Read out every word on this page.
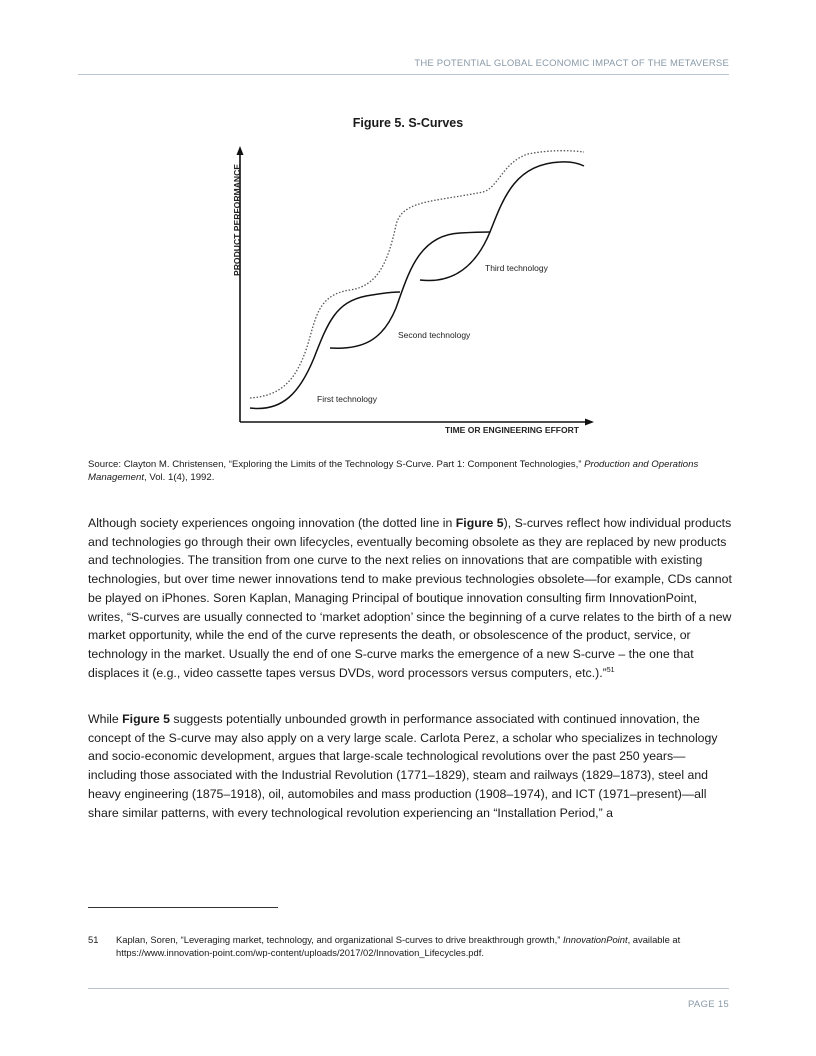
THE POTENTIAL GLOBAL ECONOMIC IMPACT OF THE METAVERSE
Figure 5. S-Curves
First technology
Second technology
Third technology
TIME OR ENGINEERING EFFORT
PRODUCT PERFORMANCE
Source: Clayton M. Christensen, “Exploring the Limits of the Technology S-Curve. Part 1: Component Technologies,” Production and Operations Management, Vol. 1(4), 1992.
Although society experiences ongoing innovation (the dotted line in Figure 5), S-curves reflect how individual products and technologies go through their own lifecycles, eventually becoming obsolete as they are replaced by new products and technologies. The transition from one curve to the next relies on innovations that are compatible with existing technologies, but over time newer innovations tend to make previous technologies obsolete—for example, CDs cannot be played on iPhones. Soren Kaplan, Managing Principal of boutique innovation consulting firm InnovationPoint, writes, “S-curves are usually connected to ‘market adoption’ since the beginning of a curve relates to the birth of a new market opportunity, while the end of the curve represents the death, or obsolescence of the product, service, or technology in the market. Usually the end of one S-curve marks the emergence of a new S-curve – the one that displaces it (e.g., video cassette tapes versus DVDs, word processors versus computers, etc.).”$^{51}$
While Figure 5 suggests potentially unbounded growth in performance associated with continued innovation, the concept of the S-curve may also apply on a very large scale. Carlota Perez, a scholar who specializes in technology and socio-economic development, argues that large-scale technological revolutions over the past 250 years—including those associated with the Industrial Revolution (1771–1829), steam and railways (1829–1873), steel and heavy engineering (1875–1918), oil, automobiles and mass production (1908–1974), and ICT (1971–present)—all share similar patterns, with every technological revolution experiencing an “Installation Period,” a
51 Kaplan, Soren, “Leveraging market, technology, and organizational S-curves to drive breakthrough growth,” InnovationPoint, available at https://www.innovation-point.com/wp-content/uploads/2017/02/Innovation_Lifecycles.pdf.
PAGE 15
